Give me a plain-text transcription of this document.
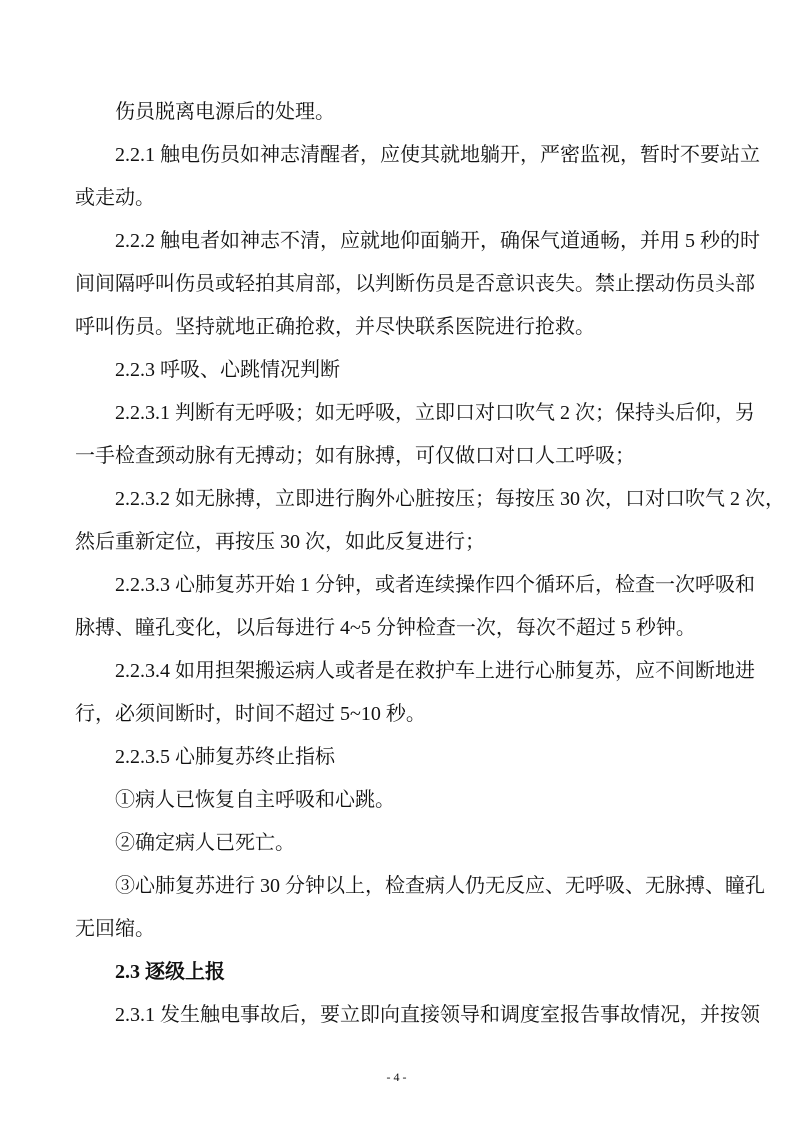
伤员脱离电源后的处理。
2.2.1 触电伤员如神志清醒者，应使其就地躺开，严密监视，暂时不要站立
或走动。
2.2.2 触电者如神志不清，应就地仰面躺开，确保气道通畅，并用 5 秒的时
间间隔呼叫伤员或轻拍其肩部，以判断伤员是否意识丧失。禁止摆动伤员头部
呼叫伤员。坚持就地正确抢救，并尽快联系医院进行抢救。
2.2.3 呼吸、心跳情况判断
2.2.3.1 判断有无呼吸；如无呼吸，立即口对口吹气 2 次；保持头后仰，另
一手检查颈动脉有无搏动；如有脉搏，可仅做口对口人工呼吸；
2.2.3.2 如无脉搏，立即进行胸外心脏按压；每按压 30 次，口对口吹气 2 次，
然后重新定位，再按压 30 次，如此反复进行；
2.2.3.3 心肺复苏开始 1 分钟，或者连续操作四个循环后，检查一次呼吸和
脉搏、瞳孔变化，以后每进行 4~5 分钟检查一次，每次不超过 5 秒钟。
2.2.3.4 如用担架搬运病人或者是在救护车上进行心肺复苏，应不间断地进
行，必须间断时，时间不超过 5~10 秒。
2.2.3.5 心肺复苏终止指标
①病人已恢复自主呼吸和心跳。
②确定病人已死亡。
③心肺复苏进行 30 分钟以上，检查病人仍无反应、无呼吸、无脉搏、瞳孔
无回缩。
2.3 逐级上报
2.3.1 发生触电事故后，要立即向直接领导和调度室报告事故情况，并按领
- 4 -
